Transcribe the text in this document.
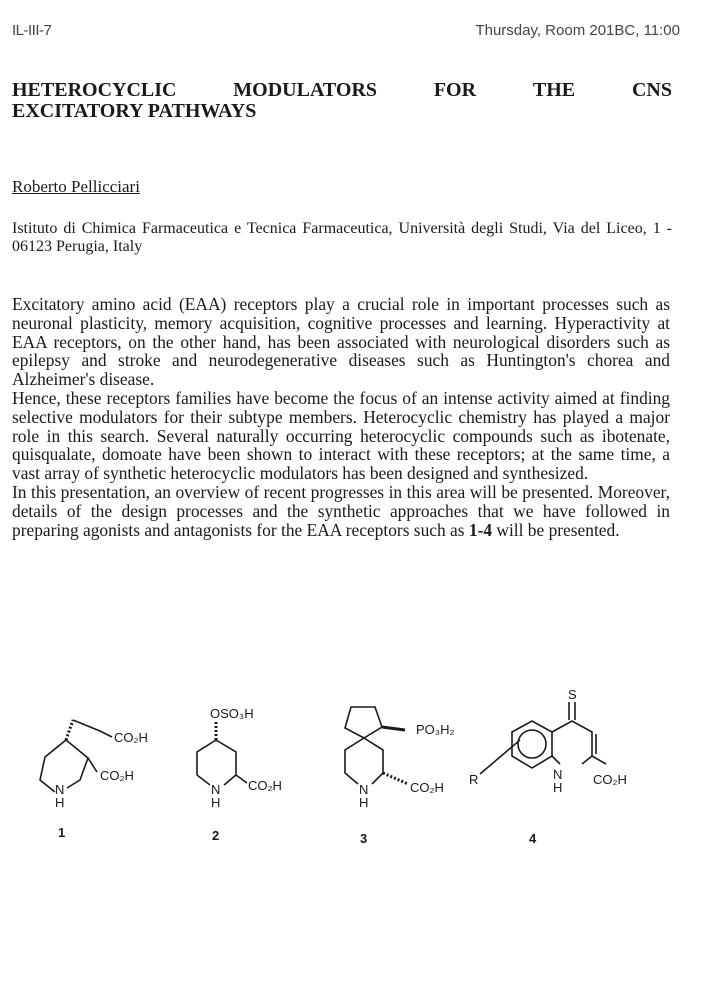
IL-III-7	Thursday, Room 201BC, 11:00
HETEROCYCLIC	MODULATORS	FOR	THE	CNS
EXCITATORY PATHWAYS
Roberto Pellicciari
Istituto di Chimica Farmaceutica e Tecnica Farmaceutica, Università degli Studi, Via del Liceo, 1 - 06123 Perugia, Italy

Excitatory amino acid (EAA) receptors play a crucial role in important processes such as neuronal plasticity, memory acquisition, cognitive processes and learning. Hyperactivity at EAA receptors, on the other hand, has been associated with neurological disorders such as epilepsy and stroke and neurodegenerative diseases such as Huntington's chorea and Alzheimer's disease.

Hence, these receptors families have become the focus of an intense activity aimed at finding selective modulators for their subtype members. Heterocyclic chemistry has played a major role in this search. Several naturally occurring heterocyclic compounds such as ibotenate, quisqualate, domoate have been shown to interact with these receptors; at the same time, a vast array of synthetic heterocyclic modulators has been designed and synthesized.

In this presentation, an overview of recent progresses in this area will be presented. Moreover, details of the design processes and the synthetic approaches that we have followed in preparing agonists and antagonists for the EAA receptors such as 1-4 will be presented.

CO₂H
CO₂H
N
H
1
OSO₃H
CO₂H
N
H
2
PO₃H₂
CO₂H
N
H
3
S
R	CO₂H
N
H
4
